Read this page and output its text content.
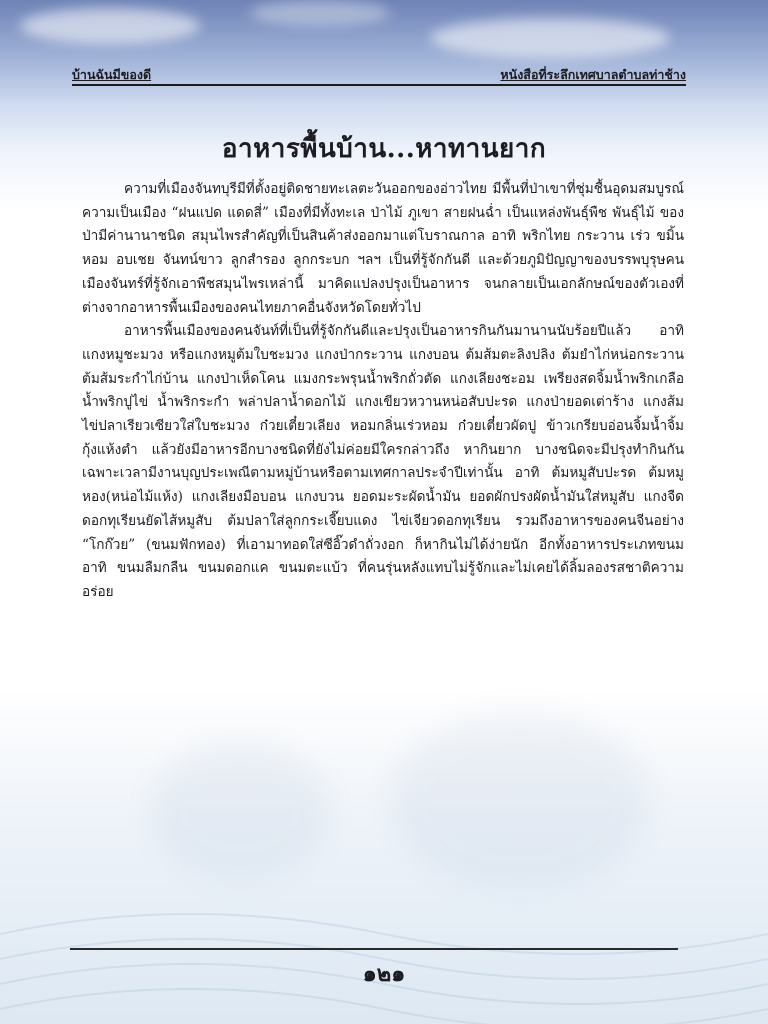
บ้านฉันมีของดี	หนังสือที่ระลึกเทศบาลตำบลท่าช้าง
อาหารพื้นบ้าน...หาทานยาก

ความที่เมืองจันทบุรีมีที่ตั้งอยู่ติดชายทะเลตะวันออกของอ่าวไทย มีพื้นที่ป่าเขาที่ชุ่มชื้นอุดมสมบูรณ์ ความเป็นเมือง “ฝนแปด แดดสี่” เมืองที่มีทั้งทะเล ป่าไม้ ภูเขา สายฝนฉ่ำ เป็นแหล่งพันธุ์พืช พันธุ์ไม้ ของป่ามีค่านานาชนิด สมุนไพรสำคัญที่เป็นสินค้าส่งออกมาแต่โบราณกาล อาทิ พริกไทย กระวาน เร่ว ขมิ้นหอม อบเชย จันทน์ขาว ลูกสำรอง ลูกกระบก ฯลฯ เป็นที่รู้จักกันดี และด้วยภูมิปัญญาของบรรพบุรุษคนเมืองจันทร์ที่รู้จักเอาพืชสมุนไพรเหล่านี้ มาคิดแปลงปรุงเป็นอาหาร จนกลายเป็นเอกลักษณ์ของตัวเองที่ต่างจากอาหารพื้นเมืองของคนไทยภาคอื่นจังหวัดโดยทั่วไป

อาหารพื้นเมืองของคนจันท์ที่เป็นที่รู้จักกันดีและปรุงเป็นอาหารกินกันมานานนับร้อยปีแล้ว อาทิ แกงหมูชะมวง หรือแกงหมูต้มใบชะมวง แกงป่ากระวาน แกงบอน ต้มส้มตะลิงปลิง ต้มยำไก่หน่อกระวาน ต้มส้มระกำไก่บ้าน แกงป่าเห็ดโคน แมงกระพรุนน้ำพริกถั่วตัด แกงเลียงชะอม เพรียงสดจิ้มน้ำพริกเกลือ น้ำพริกปูไข่ น้ำพริกระกำ พล่าปลาน้ำดอกไม้ แกงเขียวหวานหน่อสับปะรด แกงป่ายอดเต่าร้าง แกงส้มไข่ปลาเรียวเซียวใส่ใบชะมวง ก๋วยเตี๋ยวเลียง หอมกลิ่นเร่วหอม ก๋วยเตี๋ยวผัดปู ข้าวเกรียบอ่อนจิ้มน้ำจิ้มกุ้งแห้งตำ แล้วยังมีอาหารอีกบางชนิดที่ยังไม่ค่อยมีใครกล่าวถึง หากินยาก บางชนิดจะมีปรุงทำกินกันเฉพาะเวลามีงานบุญประเพณีตามหมู่บ้านหรือตามเทศกาลประจำปีเท่านั้น อาทิ ต้มหมูสับปะรด ต้มหมูหอง(หน่อไม้แห้ง) แกงเลียงมือบอน แกงบวน ยอดมะระผัดน้ำมัน ยอดผักปรงผัดน้ำมันใส่หมูสับ แกงจืดดอกทุเรียนยัดไส้หมูสับ ต้มปลาใส่ลูกกระเจี๊ยบแดง ไข่เจียวดอกทุเรียน รวมถึงอาหารของคนจีนอย่าง “โกก๊วย” (ขนมฟักทอง) ที่เอามาทอดใส่ซีอิ๊วดำถั่วงอก ก็หากินไม่ได้ง่ายนัก อีกทั้งอาหารประเภทขนม อาทิ ขนมลืมกลืน ขนมดอกแค ขนมตะแบ้ว ที่คนรุ่นหลังแทบไม่รู้จักและไม่เคยได้ลิ้มลองรสชาติความอร่อย

๑๒๑
